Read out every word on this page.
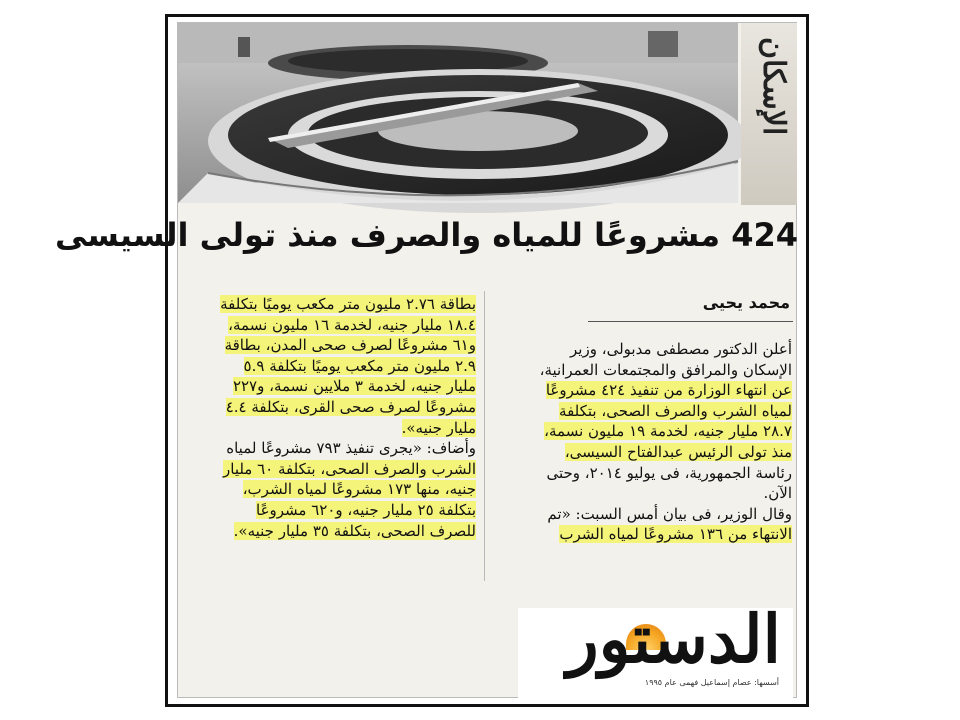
الإسكان
424 مشروعًا للمياه والصرف منذ تولى السيسى
محمد يحيى
أعلن الدكتور مصطفى مدبولى، وزير
الإسكان والمرافق والمجتمعات العمرانية،
عن انتهاء الوزارة من تنفيذ ٤٢٤ مشروعًا
لمياه الشرب والصرف الصحى، بتكلفة
٢٨.٧ مليار جنيه، لخدمة ١٩ مليون نسمة،
منذ تولى الرئيس عبدالفتاح السيسى،
رئاسة الجمهورية، فى يوليو ٢٠١٤، وحتى
الآن.
وقال الوزير، فى بيان أمس السبت: «تم
الانتهاء من ١٣٦ مشروعًا لمياه الشرب
بطاقة ٢.٧٦ مليون متر مكعب يوميًا بتكلفة
١٨.٤ مليار جنيه، لخدمة ١٦ مليون نسمة،
و٦١ مشروعًا لصرف صحى المدن، بطاقة
٢.٩ مليون متر مكعب يوميًا بتكلفة ٥.٩
مليار جنيه، لخدمة ٣ ملايين نسمة، و٢٢٧
مشروعًا لصرف صحى القرى، بتكلفة ٤.٤
مليار جنيه».
وأضاف: «يجرى تنفيذ ٧٩٣ مشروعًا لمياه
الشرب والصرف الصحى، بتكلفة ٦٠ مليار
جنيه، منها ١٧٣ مشروعًا لمياه الشرب،
بتكلفة ٢٥ مليار جنيه، و٦٢٠ مشروعًا
للصرف الصحى، بتكلفة ٣٥ مليار جنيه».
الدستور
أسسها: عصام إسماعيل فهمى عام ١٩٩٥
